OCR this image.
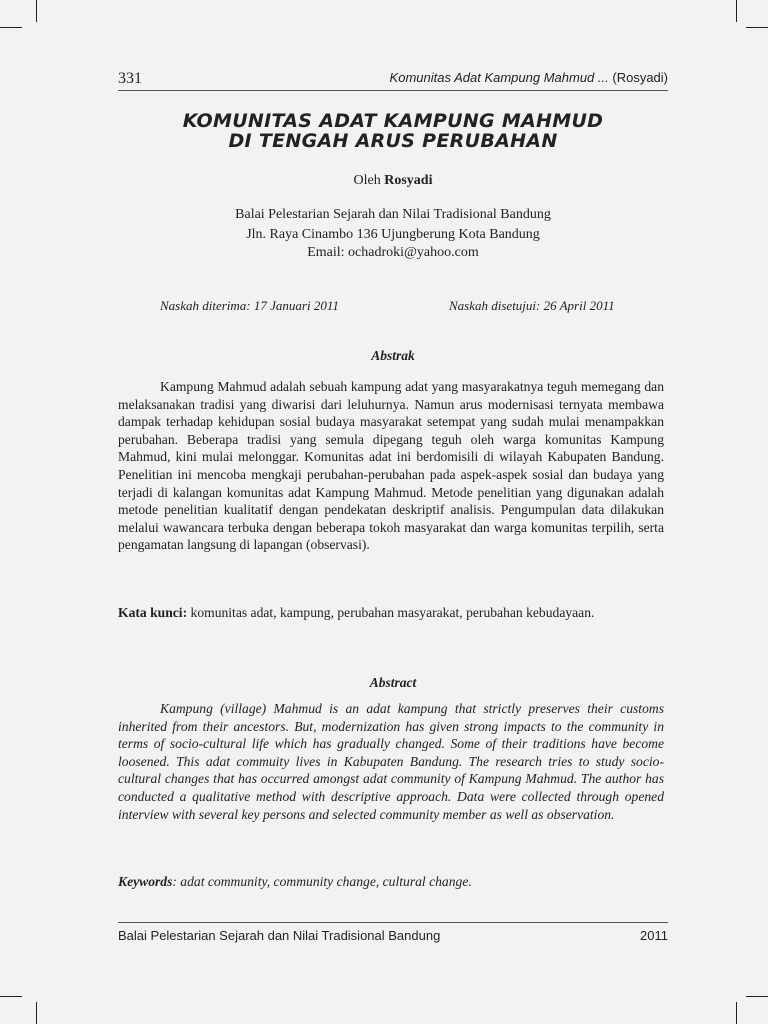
331	Komunitas Adat Kampung Mahmud ... (Rosyadi)
KOMUNITAS ADAT KAMPUNG MAHMUD
DI TENGAH ARUS PERUBAHAN
Oleh Rosyadi
Balai Pelestarian Sejarah dan Nilai Tradisional Bandung
Jln. Raya Cinambo 136 Ujungberung Kota Bandung
Email: ochadroki@yahoo.com
Naskah diterima: 17 Januari 2011	Naskah disetujui: 26 April 2011
Abstrak
Kampung Mahmud adalah sebuah kampung adat yang masyarakatnya teguh memegang dan melaksanakan tradisi yang diwarisi dari leluhurnya. Namun arus modernisasi ternyata membawa dampak terhadap kehidupan sosial budaya masyarakat setempat yang sudah mulai menampakkan perubahan. Beberapa tradisi yang semula dipegang teguh oleh warga komunitas Kampung Mahmud, kini mulai melonggar. Komunitas adat ini berdomisili di wilayah Kabupaten Bandung. Penelitian ini mencoba mengkaji perubahan-perubahan pada aspek-aspek sosial dan budaya yang terjadi di kalangan komunitas adat Kampung Mahmud. Metode penelitian yang digunakan adalah metode penelitian kualitatif dengan pendekatan deskriptif analisis. Pengumpulan data dilakukan melalui wawancara terbuka dengan beberapa tokoh masyarakat dan warga komunitas terpilih, serta pengamatan langsung di lapangan (observasi).
Kata kunci: komunitas adat, kampung, perubahan masyarakat, perubahan kebudayaan.
Abstract
Kampung (village) Mahmud is an adat kampung that strictly preserves their customs inherited from their ancestors. But, modernization has given strong impacts to the community in terms of socio-cultural life which has gradually changed. Some of their traditions have become loosened. This adat commuity lives in Kabupaten Bandung. The research tries to study socio-cultural changes that has occurred amongst adat community of Kampung Mahmud. The author has conducted a qualitative method with descriptive approach. Data were collected through opened interview with several key persons and selected community member as well as observation.
Keywords: adat community, community change, cultural change.
Balai Pelestarian Sejarah dan Nilai Tradisional Bandung	2011
